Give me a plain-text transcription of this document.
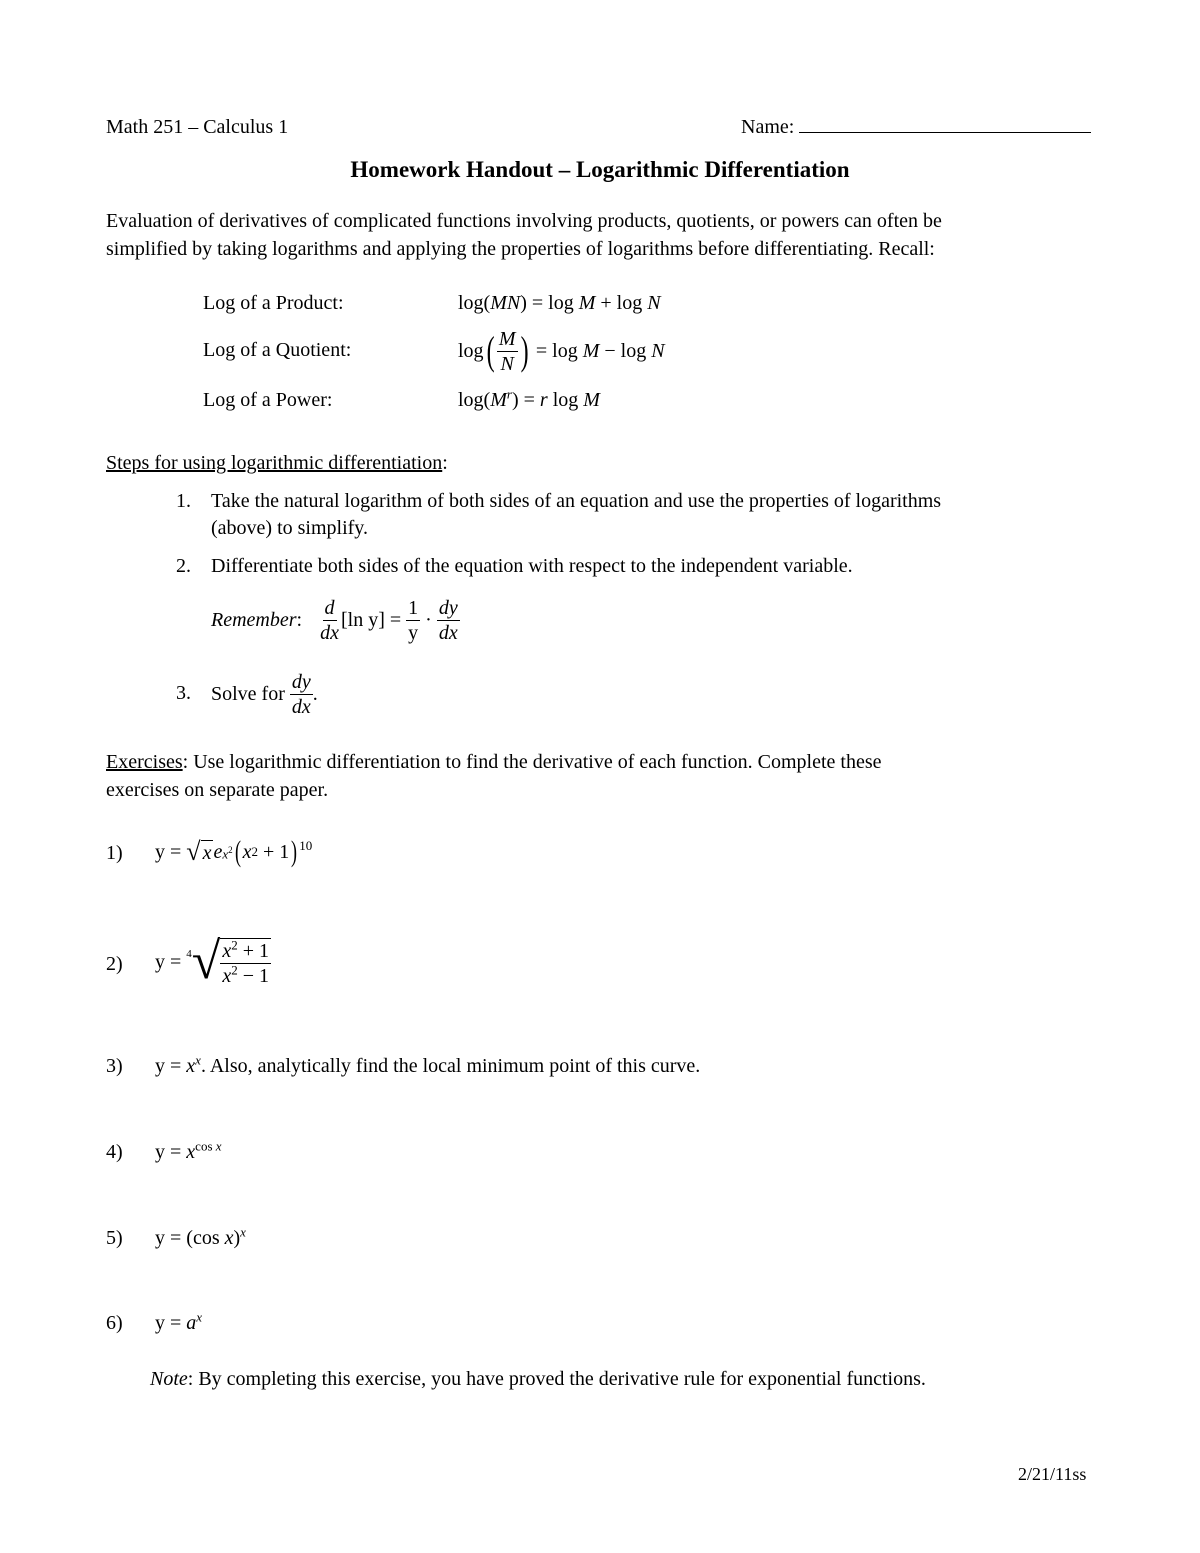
Math 251 – Calculus 1	Name:
Homework Handout – Logarithmic Differentiation
Evaluation of derivatives of complicated functions involving products, quotients, or powers can often be
simplified by taking logarithms and applying the properties of logarithms before differentiating. Recall:
Log of a Product:	log(MN) = log M + log N
Log of a Quotient:	log ( $\frac{M}{N}$ ) = log M − log N
Log of a Power:	$\log(M^r) = r$ log M
Steps for using logarithmic differentiation:
1. Take the natural logarithm of both sides of an equation and use the properties of logarithms
(above) to simplify.
2. Differentiate both sides of the equation with respect to the independent variable.
Remember : $\frac{d}{dx} [\ln$ $y] = \frac{1}{y} \cdot \frac{dy}{dx}$
3. Solve for
$\frac{dy}{dx}$ .
Exercises: Use logarithmic differentiation to find the derivative of each function. Complete these
exercises on separate paper.
1) y = √ x e $x^2$ ( x 2 + 1 )$^{10}$
2) y = 4 √ $\frac{x^2 + 1}{x^2 - 1}$
3) $y = x^x$. Also, analytically find the local minimum point of this curve.
4) $y = x^{cos x}$
5) y = (cos x)$^x$
6) $y = a^x$
Note: By completing this exercise, you have proved the derivative rule for exponential functions.
2/21/11ss
